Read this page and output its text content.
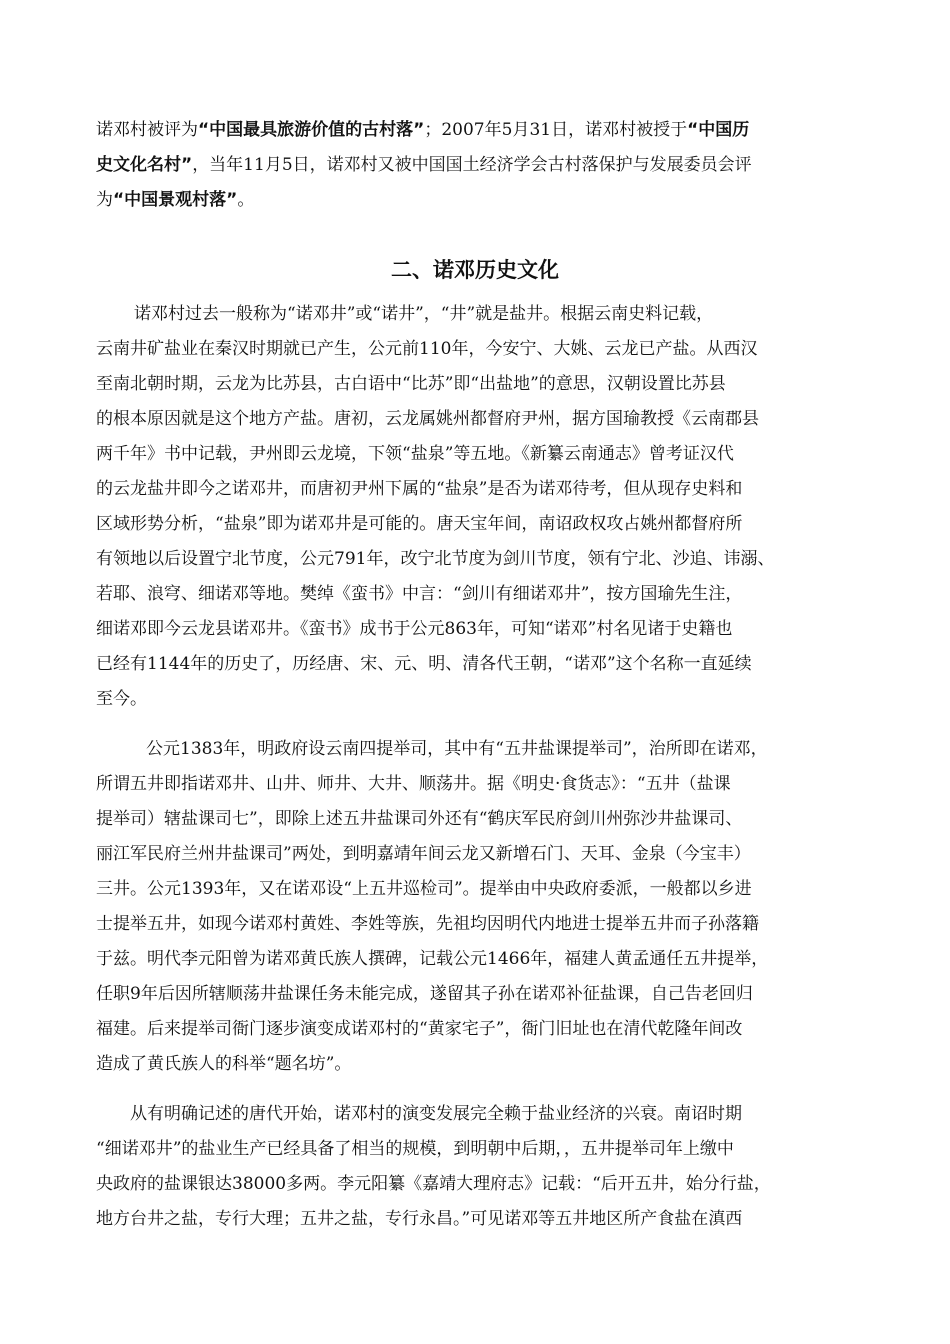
诺邓村被评为“中国最具旅游价值的古村落”；2007年5月31日，诺邓村被授于“中国历
史文化名村”，当年11月5日，诺邓村又被中国国土经济学会古村落保护与发展委员会评
为“中国景观村落”。
二、诺邓历史文化
诺邓村过去一般称为“诺邓井”或“诺井”，“井”就是盐井。根据云南史料记载，
云南井矿盐业在秦汉时期就已产生，公元前110年，今安宁、大姚、云龙已产盐。从西汉
至南北朝时期，云龙为比苏县，古白语中“比苏”即“出盐地”的意思，汉朝设置比苏县
的根本原因就是这个地方产盐。唐初，云龙属姚州都督府尹州，据方国瑜教授《云南郡县
两千年》书中记载，尹州即云龙境，下领“盐泉”等五地。《新纂云南通志》曾考证汉代
的云龙盐井即今之诺邓井，而唐初尹州下属的“盐泉”是否为诺邓待考，但从现存史料和
区域形势分析，“盐泉”即为诺邓井是可能的。唐天宝年间，南诏政权攻占姚州都督府所
有领地以后设置宁北节度，公元791年，改宁北节度为剑川节度，领有宁北、沙追、讳溺、
若耶、浪穹、细诺邓等地。樊绰《蛮书》中言：“剑川有细诺邓井”，按方国瑜先生注，
细诺邓即今云龙县诺邓井。《蛮书》成书于公元863年，可知“诺邓”村名见诸于史籍也
已经有1144年的历史了，历经唐、宋、元、明、清各代王朝，“诺邓”这个名称一直延续
至今。
公元1383年，明政府设云南四提举司，其中有“五井盐课提举司”，治所即在诺邓，
所谓五井即指诺邓井、山井、师井、大井、顺荡井。据《明史·食货志》：“五井（盐课
提举司）辖盐课司七”，即除上述五井盐课司外还有“鹤庆军民府剑川州弥沙井盐课司、
丽江军民府兰州井盐课司”两处，到明嘉靖年间云龙又新增石门、天耳、金泉（今宝丰）
三井。公元1393年，又在诺邓设“上五井巡检司”。提举由中央政府委派，一般都以乡进
士提举五井，如现今诺邓村黄姓、李姓等族，先祖均因明代内地进士提举五井而子孙落籍
于兹。明代李元阳曾为诺邓黄氏族人撰碑，记载公元1466年，福建人黄孟通任五井提举，
任职9年后因所辖顺荡井盐课任务未能完成，遂留其子孙在诺邓补征盐课，自己告老回归
福建。后来提举司衙门逐步演变成诺邓村的“黄家宅子”，衙门旧址也在清代乾隆年间改
造成了黄氏族人的科举“题名坊”。
从有明确记述的唐代开始，诺邓村的演变发展完全赖于盐业经济的兴衰。南诏时期
“细诺邓井”的盐业生产已经具备了相当的规模，到明朝中后期，，五井提举司年上缴中
央政府的盐课银达38000多两。李元阳纂《嘉靖大理府志》记载：“后开五井，始分行盐，
地方台井之盐，专行大理；五井之盐，专行永昌。”可见诺邓等五井地区所产食盐在滇西
